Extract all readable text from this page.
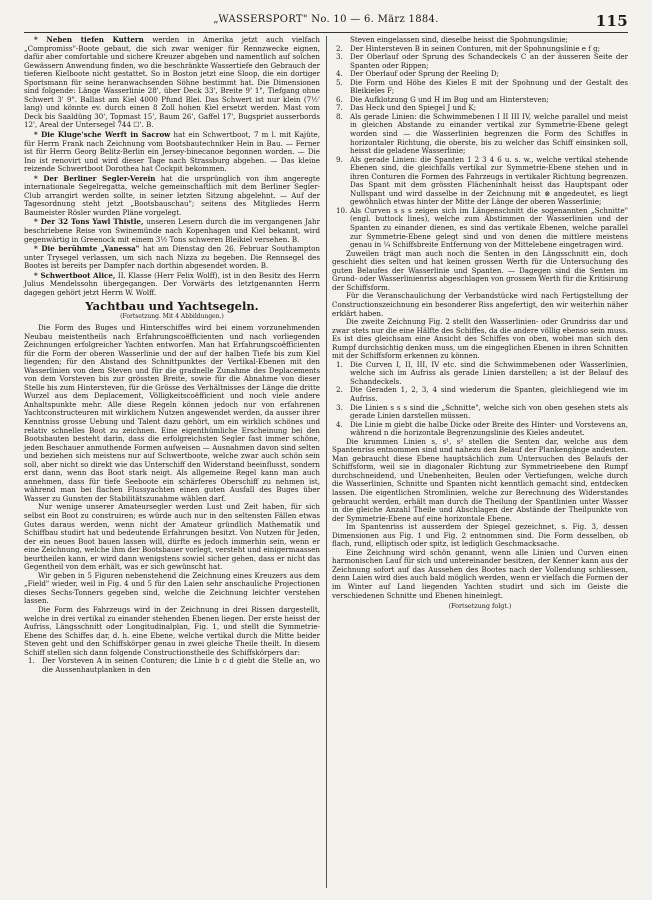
„WASSERSPORT" No. 10 — 6. März 1884.	115

* Neben tiefen Kuttern werden in Amerika jetzt auch vielfach „Compromiss"-Boote gebaut, die sich zwar weniger für Rennzwecke eignen, dafür aber comfortable und sichere Kreuzer abgeben und namentlich auf solchen Gewässern Anwendung finden, wo die beschränkte Wassertiefe den Gebrauch der tieferen Kielboote nicht gestattet. So in Boston jetzt eine Sloop, die ein dortiger Sportsmann für seine heranwachsenden Söhne bestimmt hat. Die Dimensionen sind folgende: Länge Wasserlinie 28', über Deck 33', Breite 9' 1", Tiefgang ohne Schwert 3' 9". Ballast am Kiel 4000 Pfund Blei. Das Schwert ist nur klein (7½' lang) und könnte ev. durch einen 8 Zoll hohen Kiel ersetzt werden. Mast vom Deck bis Saaldüng 30', Topmast 15', Baum 26', Gaffel 17', Bugspriet ausserbords 12', Areal der Untersegel 744 ☐'. B.

* Die Kluge'sche Werft in Sacrow hat ein Schwertboot, 7 m l. mit Kajüte, für Herrn Frank nach Zeichnung vom Bootsbautechniker Hein in Bau. — Ferner ist für Herrn Georg Belitz-Berlin ein Jersey-binecanoe begonnen worden. — Die Ino ist renovirt und wird dieser Tage nach Strassburg abgehen. — Das kleine reizende Schwertboot Dorothea hat Cockpit bekommen.

* Der Berliner Segler-Verein hat die ursprünglich von ihm angeregte internationale Segelregatta, welche gemeinschaftlich mit dem Berliner Segler-Club arrangirt werden sollte, in seiner letzten Sitzung abgelehnt. — Auf der Tagesordnung steht jetzt „Bootsbauschau"; seitens des Mitgliedes Herrn Baumeister Rösler wurden Pläne vorgelegt.

* Der 32 Tons Yawl Thistle, unseren Lesern durch die im vergangenen Jahr beschriebene Reise von Swinemünde nach Kopenhagen und Kiel bekannt, wird gegenwärtig in Greenock mit einem 3½ Tons schweren Bleikiel versehen. B.

* Die berühmte „Vanessa" hat am Dienstag den 26. Februar Southampton unter Trysegel verlassen, um sich nach Nizza zu begeben. Die Rennsegel des Bootes ist bereits per Dampfer nach dorthin abgesendet worden. B.

* Schwertboot Alice, II. Klasse (Herr Felix Wolff), ist in den Besitz des Herrn Julius Mendelssohn übergegangen. Der Vorwärts des letztgenannten Herrn dagegen gehört jetzt Herrn W. Wolff.

Yachtbau und Yachtsegeln.
(Fortsetzung. Mit 4 Abbildungen.)

Die Form des Buges und Hinterschiffes wird bei einem vorzunehmenden Neubau meistentheils nach Erfahrungscoëfficienten und nach vorliegenden Zeichnungen erfolgreicher Yachten entworfen. Man hat Erfahrungscoëfficienten für die Form der oberen Wasserlinie und der auf der halben Tiefe bis zum Kiel liegenden; für den Abstand des Schnittpunktes der Vertikal-Ebenen mit den Wasserlinien von dem Steven und für die gradnelle Zunahme des Deplacements von dem Vorsteven bis zur grössten Breite, sowie für die Abnahme von dieser Stelle bis zum Hintersteven, für die Grösse des Verhältnisses der Länge die dritte Wurzel aus dem Deplacement, Völligkeitscoëfficient und noch viele andere Anhaltspunkte mehr. Alle diese Regeln können jedoch nur von erfahrenen Yachtconstructeuren mit wirklichem Nutzen angewendet werden, da ausser ihrer Kenntniss grosse Uebung und Talent dazu gehört, um ein wirklich schönes und relativ schnelles Boot zu zeichnen. Eine eigenthümliche Erscheinung bei den Bootsbauten besteht darin, dass die erfolgreichsten Segler fast immer schöne, jeden Beschauer anmuthende Formen aufweisen — Ausnahmen davon sind selten und beziehen sich meistens nur auf Schwertboote, welche zwar auch schön sein soll, aber nicht so direkt wie das Unterschiff den Widerstand beeinflusst, sondern erst dann, wenn das Boot stark neigt. Als allgemeine Regel kann man auch annehmen, dass für tiefe Seeboote ein schärferes Oberschiff zu nehmen ist, während man bei flachen Flussyachten einen guten Ausfall des Buges über Wasser zu Gunsten der Stabilitätszunahme wählen darf.

Nur wenige unserer Amateursegler werden Lust und Zeit haben, für sich selbst ein Boot zu construiren; es würde auch nur in den seltensten Fällen etwas Gutes daraus werden, wenn nicht der Amateur gründlich Mathematik und Schiffbau studirt hat und bedeutende Erfahrungen besitzt. Von Nutzen für Jeden, der ein neues Boot bauen lassen will, dürfte es jedoch immerhin sein, wenn er eine Zeichnung, welche ihm der Bootsbauer vorlegt, versteht und einigermaassen beurtheilen kann, er wird dann wenigstens sowiel sicher gehen, dass er nicht das Gegentheil von dem erhält, was er sich gewünscht hat.

Wir geben in 5 Figuren nebenstehend die Zeichnung eines Kreuzers aus dem „Field" wieder, weil in Fig. 4 und 5 für den Laien sehr anschauliche Projectionen dieses Sechs-Tonners gegeben sind, welche die Zeichnung leichter verstehen lassen.

Die Form des Fahrzeugs wird in der Zeichnung in drei Rissen dargestellt, welche in drei vertikal zu einander stehenden Ebenen liegen. Der erste heisst der Aufriss, Längsschnitt oder Longitudinalplan, Fig. 1, und stellt die Symmetrie-Ebene des Schiffes dar, d. h. eine Ebene, welche vertikal durch die Mitte beider Steven geht und den Schiffskörper genau in zwei gleiche Theile theilt. In diesem Schiff stellen sich dann folgende Constructionstheile des Schiffskörpers dar:

1. Der Vorsteven A in seinen Conturen; die Linie b c d giebt die Stelle an, wo die Aussenhautplanken in den

Steven eingelassen sind, dieselbe heisst die Spohnungslinie;

2. Der Hintersteven B in seinen Conturen, mit der Spohnungslinie e f g;

3. Der Oberlauf oder Sprung des Schandeckels C an der äusseren Seite der Spanten oder Rippen;

4. Der Oberlauf oder Sprung der Reeling D;

5. Die Form und Höhe des Kieles E mit der Spohnung und der Gestalt des Bleikieles F;

6. Die Aufklotzung G und H im Bug und am Hintersteven;

7. Das Heck und den Spiegel J und K;

8. Als gerade Linien: die Schwimmebenen I II III IV, welche parallel und meist in gleichen Abstande zu einander vertikal zur Symmetrie-Ebene gelegt worden sind — die Wasserlinien begrenzen die Form des Schiffes in horizontaler Richtung, die oberste, bis zu welcher das Schiff einsinken soll, heisst die geladene Wasserlinie;

9. Als gerade Linien: die Spanten 1 2 3 4 6 u. s. w., welche vertikal stehende Ebenen sind, die gleichfalls vertikal zur Symmetrie-Ebene stehen und in ihren Conturen die Formen des Fahrzeugs in vertikaler Richtung begrenzen. Das Spant mit dem grössten Flächeninhalt heisst das Hauptspant oder Nullspant und wird dasselbe in der Zeichnung mit ⊗ angedeutet, es liegt gewöhnlich etwas hinter der Mitte der Länge der oberen Wasserlinie;

10. Als Curven s s s zeigen sich im Längenschnitt die sogenannten „Schnitte" (engl. buttock lines), welche zum Abstimmen der Wasserlinien und der Spanten zu einander dienen, es sind das vertikale Ebenen, welche parallel zur Symmetrie-Ebene gelegt sind und von denen die mittlere meistens genau in ¼ Schiffsbreite Entfernung von der Mittelebene eingetragen wird.

Zuweilen trägt man auch noch die Senten in den Längsschnitt ein, doch geschieht dies selten und hat keinen grossen Werth für die Untersuchung des guten Belaufes der Wasserlinie und Spanten. — Dagegen sind die Senten im Grund- oder Wasserlinienriss abgeschlagen von grossem Werth für die Kritisirung der Schiffsform.

Für die Veranschaulichung der Verbandstücke wird nach Fertigstellung der Constructionszeichnung ein besonderer Riss angefertigt, den wir weiterhin näher erklärt haben.

Die zweite Zeichnung Fig. 2 stellt den Wasserlinien- oder Grundriss dar und zwar stets nur die eine Hälfte des Schiffes, da die andere völlig ebenso sein muss. Es ist dies gleichsam eine Ansicht des Schiffes von oben, wobei man sich den Rumpf durchsichtig denken muss, um die eingeglichen Ebenen in ihren Schnitten mit der Schiffsform erkennen zu können.

1. Die Curven I, II, III, IV etc. sind die Schwimmebenen oder Wasserlinien, welche sich im Aufriss als gerade Linien darstellen; a ist der Belauf des Schandeckels.

2. Die Geraden 1, 2, 3, 4 sind wiederum die Spanten, gleichliegend wie im Aufriss.

3. Die Linien s s s sind die „Schnitte", welche sich von oben gesehen stets als gerade Linien darstellen müssen.

4. Die Linie m giebt die halbe Dicke oder Breite des Hinter- und Vorstevens an, während n die horizontale Begrenzungslinie des Kieles andeutet.

Die krummen Linien s, s¹, s² stellen die Senten dar, welche aus dem Spantenriss entnommen sind und nahezu den Belauf der Plankengänge andeuten. Man gebraucht diese Ebene hauptsächlich zum Untersuchen des Belaufs der Schiffsform, weil sie in diagonaler Richtung zur Symmetrieebene den Rumpf durchschneidend, und Unebenheiten, Beulen oder Vertiefungen, welche durch die Wasserlinien, Schnitte und Spanten nicht kenntlich gemacht sind, entdecken lassen. Die eigentlichen Stromlinien, welche zur Berechnung des Widerstandes gebraucht werden, erhält man durch die Theilung der Spantlinien unter Wasser in die gleiche Anzahl Theile und Abschlagen der Abstände der Theilpunkte von der Symmetrie-Ebene auf eine horizontale Ebene.

Im Spantenriss ist ausserdem der Spiegel gezeichnet, s. Fig. 3, dessen Dimensionen aus Fig. 1 und Fig. 2 entnommen sind. Die Form desselben, ob flach, rund, elliptisch oder spitz, ist lediglich Geschmacksache.

Eine Zeichnung wird schön genannt, wenn alle Linien und Curven einen harmonischen Lauf für sich und untereinander besitzen, der Kenner kann aus der Zeichnung sofort auf das Aussehen des Bootes nach der Vollendung schliessen, denn Laien wird dies auch bald möglich werden, wenn er vielfach die Formen der im Winter auf Land liegenden Yachten studirt und sich im Geiste die verschiedenen Schnitte und Ebenen hineinlegt.

(Fortsetzung folgt.)
